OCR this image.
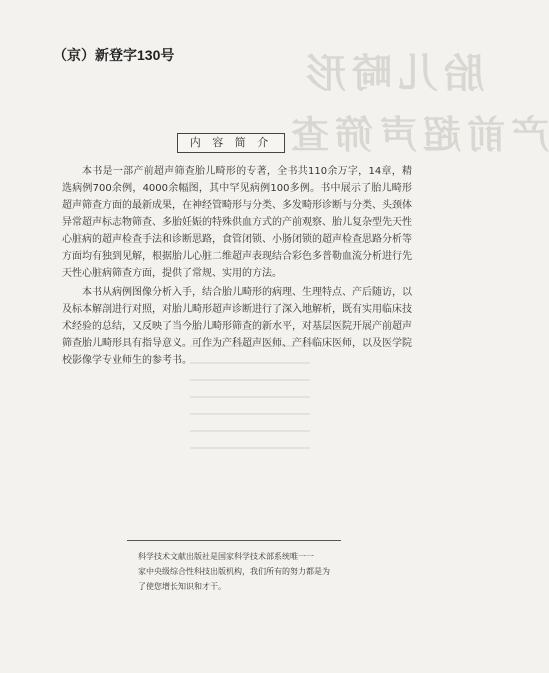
胎儿畸形
产前超声筛查
（京）新登字130号
内 容 简 介

本书是一部产前超声筛查胎儿畸形的专著，全书共110余万字，14章，精选病例700余例，4000余幅图，其中罕见病例100多例。书中展示了胎儿畸形超声筛查方面的最新成果，在神经管畸形与分类、多发畸形诊断与分类、头颈体异常超声标志物筛查、多胎妊娠的特殊供血方式的产前观察、胎儿复杂型先天性心脏病的超声检查手法和诊断思路，食管闭锁、小肠闭锁的超声检查思路分析等方面均有独到见解，根据胎儿心脏二维超声表现结合彩色多普勒血流分析进行先天性心脏病筛查方面，提供了常规、实用的方法。

本书从病例图像分析入手，结合胎儿畸形的病理、生理特点、产后随访，以及标本解剖进行对照，对胎儿畸形超声诊断进行了深入地解析，既有实用临床技术经验的总结，又反映了当今胎儿畸形筛查的新水平，对基层医院开展产前超声筛查胎儿畸形具有指导意义。可作为产科超声医师、产科临床医师，以及医学院校影像学专业师生的参考书。

科学技术文献出版社是国家科学技术部系统唯一一
家中央级综合性科技出版机构，我们所有的努力都是为
了使您增长知识和才干。
